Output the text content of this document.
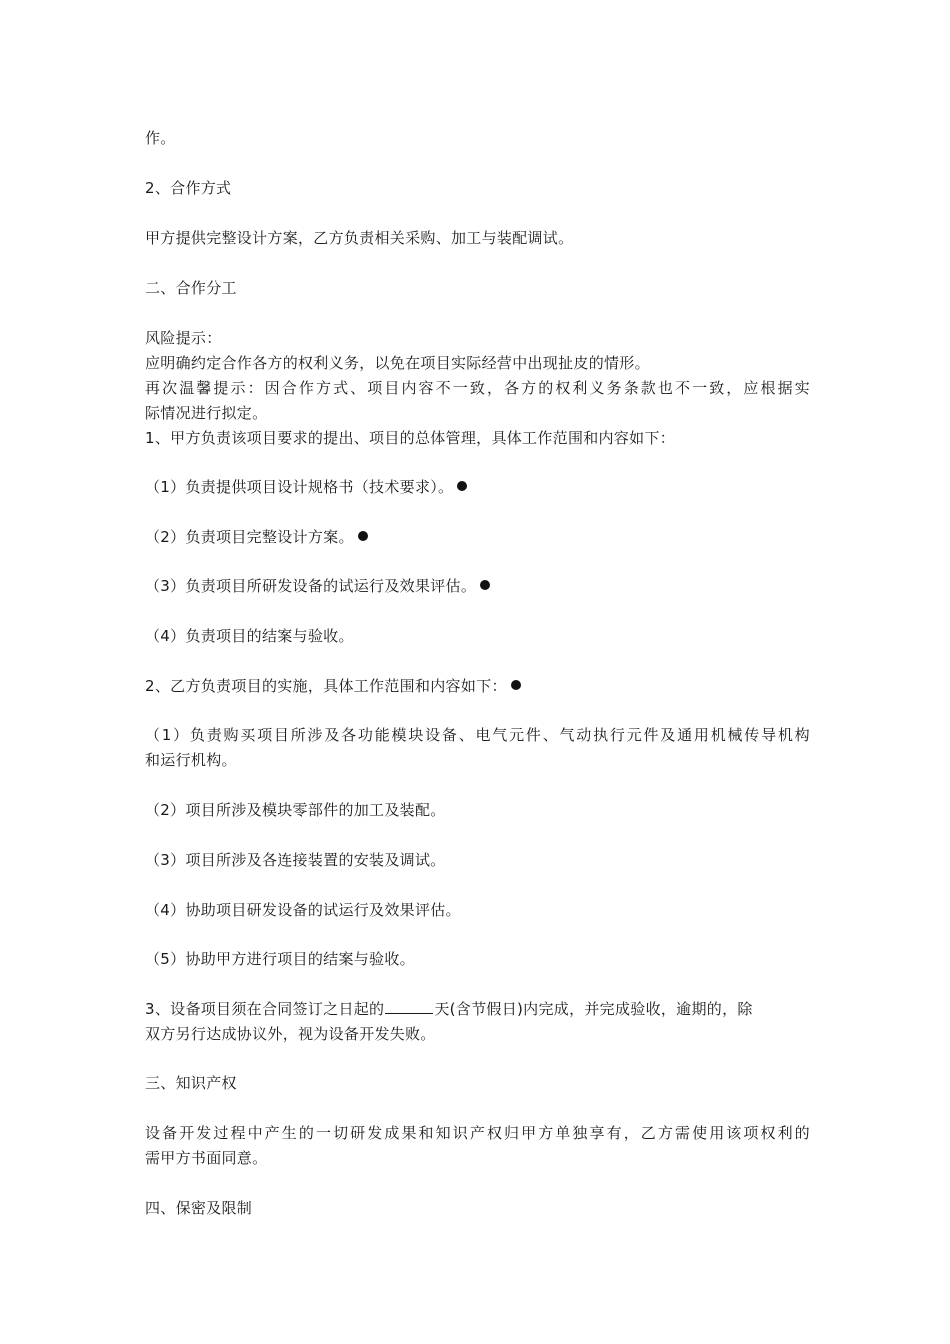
作。
2、合作方式
甲方提供完整设计方案，乙方负责相关采购、加工与装配调试。
二、合作分工
风险提示：
应明确约定合作各方的权利义务，以免在项目实际经营中出现扯皮的情形。
再次温馨提示：因合作方式、项目内容不一致，各方的权利义务条款也不一致，应根据实
际情况进行拟定。
1、甲方负责该项目要求的提出、项目的总体管理，具体工作范围和内容如下：
（1）负责提供项目设计规格书（技术要求）。
（2）负责项目完整设计方案。
（3）负责项目所研发设备的试运行及效果评估。
（4）负责项目的结案与验收。
2、乙方负责项目的实施，具体工作范围和内容如下：
（1）负责购买项目所涉及各功能模块设备、电气元件、气动执行元件及通用机械传导机构
和运行机构。
（2）项目所涉及模块零部件的加工及装配。
（3）项目所涉及各连接装置的安装及调试。
（4）协助项目研发设备的试运行及效果评估。
（5）协助甲方进行项目的结案与验收。
3、设备项目须在合同签订之日起的	天(含节假日)内完成，并完成验收，逾期的，除
双方另行达成协议外，视为设备开发失败。
三、知识产权
设备开发过程中产生的一切研发成果和知识产权归甲方单独享有，乙方需使用该项权利的
需甲方书面同意。
四、保密及限制
